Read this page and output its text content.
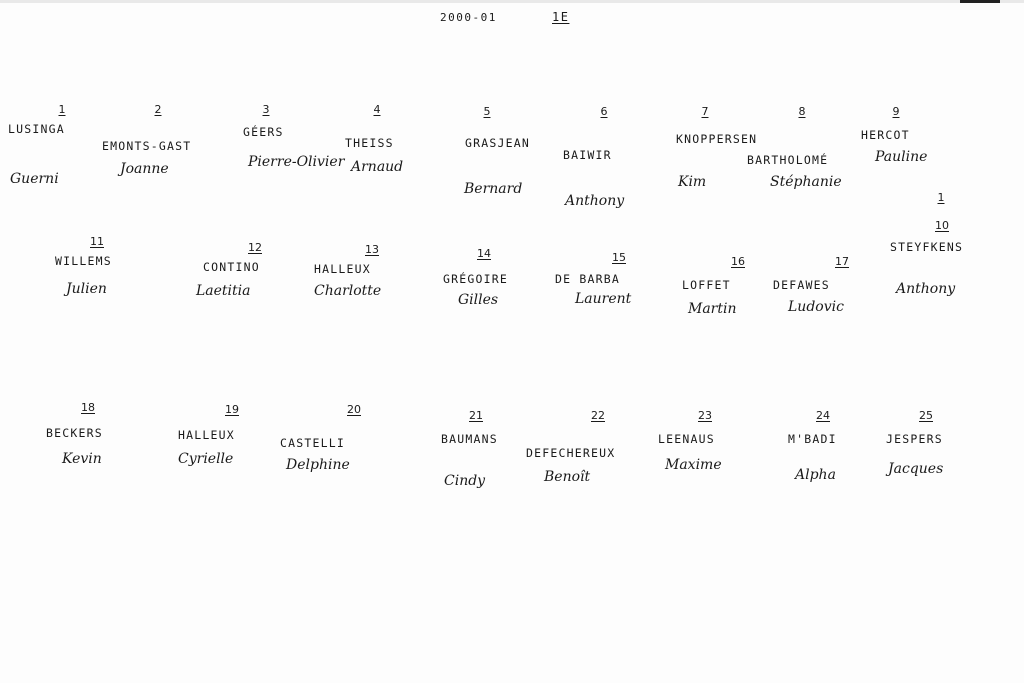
2000-01	1E
1
1
LUSINGA
Guerni
2
EMONTS-GAST
Joanne
3
GÉERS
Pierre-Olivier
4
THEISS
Arnaud
5
GRASJEAN
Bernard
6
BAIWIR
Anthony
7
KNOPPERSEN
Kim
8
BARTHOLOMÉ
Stéphanie
9
HERCOT
Pauline
10
STEYFKENS
Anthony
11
WILLEMS
Julien
12
CONTINO
Laetitia
13
HALLEUX
Charlotte
14
GRÉGOIRE
Gilles
15
DE BARBA
Laurent
16
LOFFET
Martin
17
DEFAWES
Ludovic
18
BECKERS
Kevin
19
HALLEUX
Cyrielle
20
CASTELLI
Delphine
21
BAUMANS
Cindy
22
DEFECHEREUX
Benoît
23
LEENAUS
Maxime
24
M'BADI
Alpha
25
JESPERS
Jacques
